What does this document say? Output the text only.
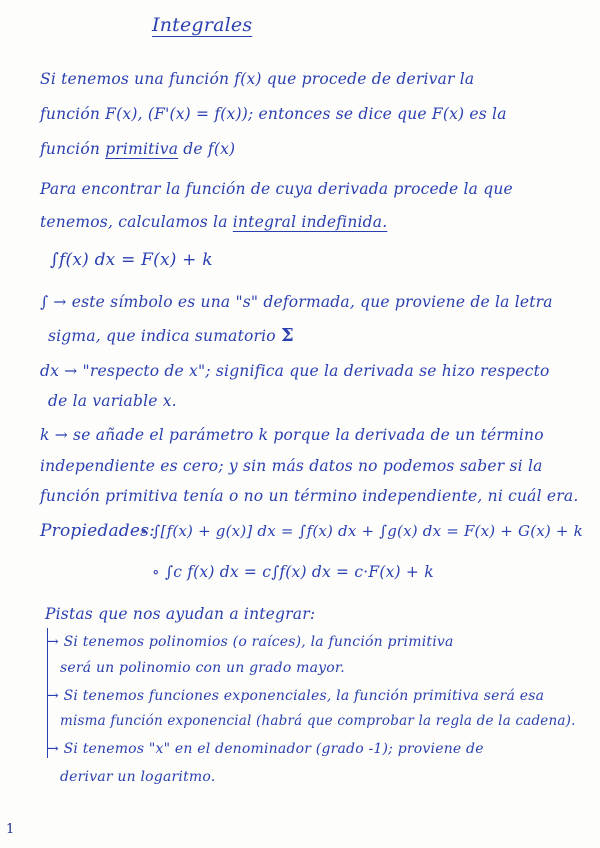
Integrales
Si tenemos una función f(x) que procede de derivar la
función F(x), (F'(x) = f(x)); entonces se dice que F(x) es la
función primitiva de f(x)
Para encontrar la función de cuya derivada procede la que
tenemos, calculamos la integral indefinida.
∫f(x) dx = F(x) + k
∫ → este símbolo es una "s" deformada, que proviene de la letra
sigma, que indica sumatorio Σ
dx → "respecto de x"; significa que la derivada se hizo respecto
de la variable x.
k → se añade el parámetro k porque la derivada de un término
independiente es cero; y sin más datos no podemos saber si la
función primitiva tenía o no un término independiente, ni cuál era.
Propiedades:
∘ ∫[f(x) + g(x)] dx = ∫f(x) dx + ∫g(x) dx = F(x) + G(x) + k
∘ ∫c f(x) dx = c∫f(x) dx = c·F(x) + k
Pistas que nos ayudan a integrar:
→ Si tenemos polinomios (o raíces), la función primitiva
será un polinomio con un grado mayor.
→ Si tenemos funciones exponenciales, la función primitiva será esa
misma función exponencial (habrá que comprobar la regla de la cadena).
→ Si tenemos "x" en el denominador (grado -1); proviene de
derivar un logaritmo.
1
